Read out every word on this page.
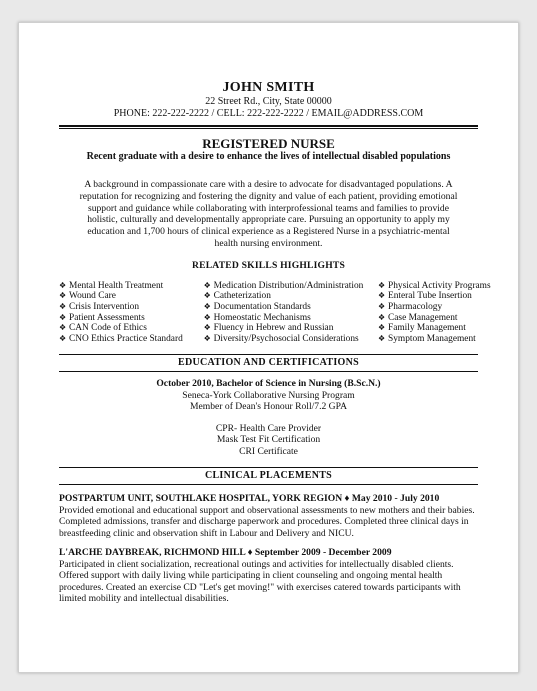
JOHN SMITH
22 Street Rd., City, State 00000
PHONE: 222-222-2222 / CELL: 222-222-2222 / EMAIL@ADDRESS.COM
REGISTERED NURSE
Recent graduate with a desire to enhance the lives of intellectual disabled populations
A background in compassionate care with a desire to advocate for disadvantaged populations. A reputation for recognizing and fostering the dignity and value of each patient, providing emotional support and guidance while collaborating with interprofessional teams and families to provide holistic, culturally and developmentally appropriate care. Pursuing an opportunity to apply my education and 1,700 hours of clinical experience as a Registered Nurse in a psychiatric-mental health nursing environment.
RELATED SKILLS HIGHLIGHTS
❖ Mental Health Treatment
❖ Wound Care
❖ Crisis Intervention
❖ Patient Assessments
❖ CAN Code of Ethics
❖ CNO Ethics Practice Standard
❖ Medication Distribution/Administration
❖ Catheterization
❖ Documentation Standards
❖ Homeostatic Mechanisms
❖ Fluency in Hebrew and Russian
❖ Diversity/Psychosocial Considerations
❖ Physical Activity Programs
❖ Enteral Tube Insertion
❖ Pharmacology
❖ Case Management
❖ Family Management
❖ Symptom Management
EDUCATION AND CERTIFICATIONS
October 2010, Bachelor of Science in Nursing (B.Sc.N.)
Seneca-York Collaborative Nursing Program
Member of Dean's Honour Roll/7.2 GPA
CPR- Health Care Provider
Mask Test Fit Certification
CRI Certificate
CLINICAL PLACEMENTS
POSTPARTUM UNIT, SOUTHLAKE HOSPITAL, YORK REGION ♦ May 2010 - July 2010
Provided emotional and educational support and observational assessments to new mothers and their babies. Completed admissions, transfer and discharge paperwork and procedures. Completed three clinical days in breastfeeding clinic and observation shift in Labour and Delivery and NICU.
L'ARCHE DAYBREAK, RICHMOND HILL ♦ September 2009 - December 2009
Participated in client socialization, recreational outings and activities for intellectually disabled clients. Offered support with daily living while participating in client counseling and ongoing mental health procedures. Created an exercise CD "Let's get moving!" with exercises catered towards participants with limited mobility and intellectual disabilities.
